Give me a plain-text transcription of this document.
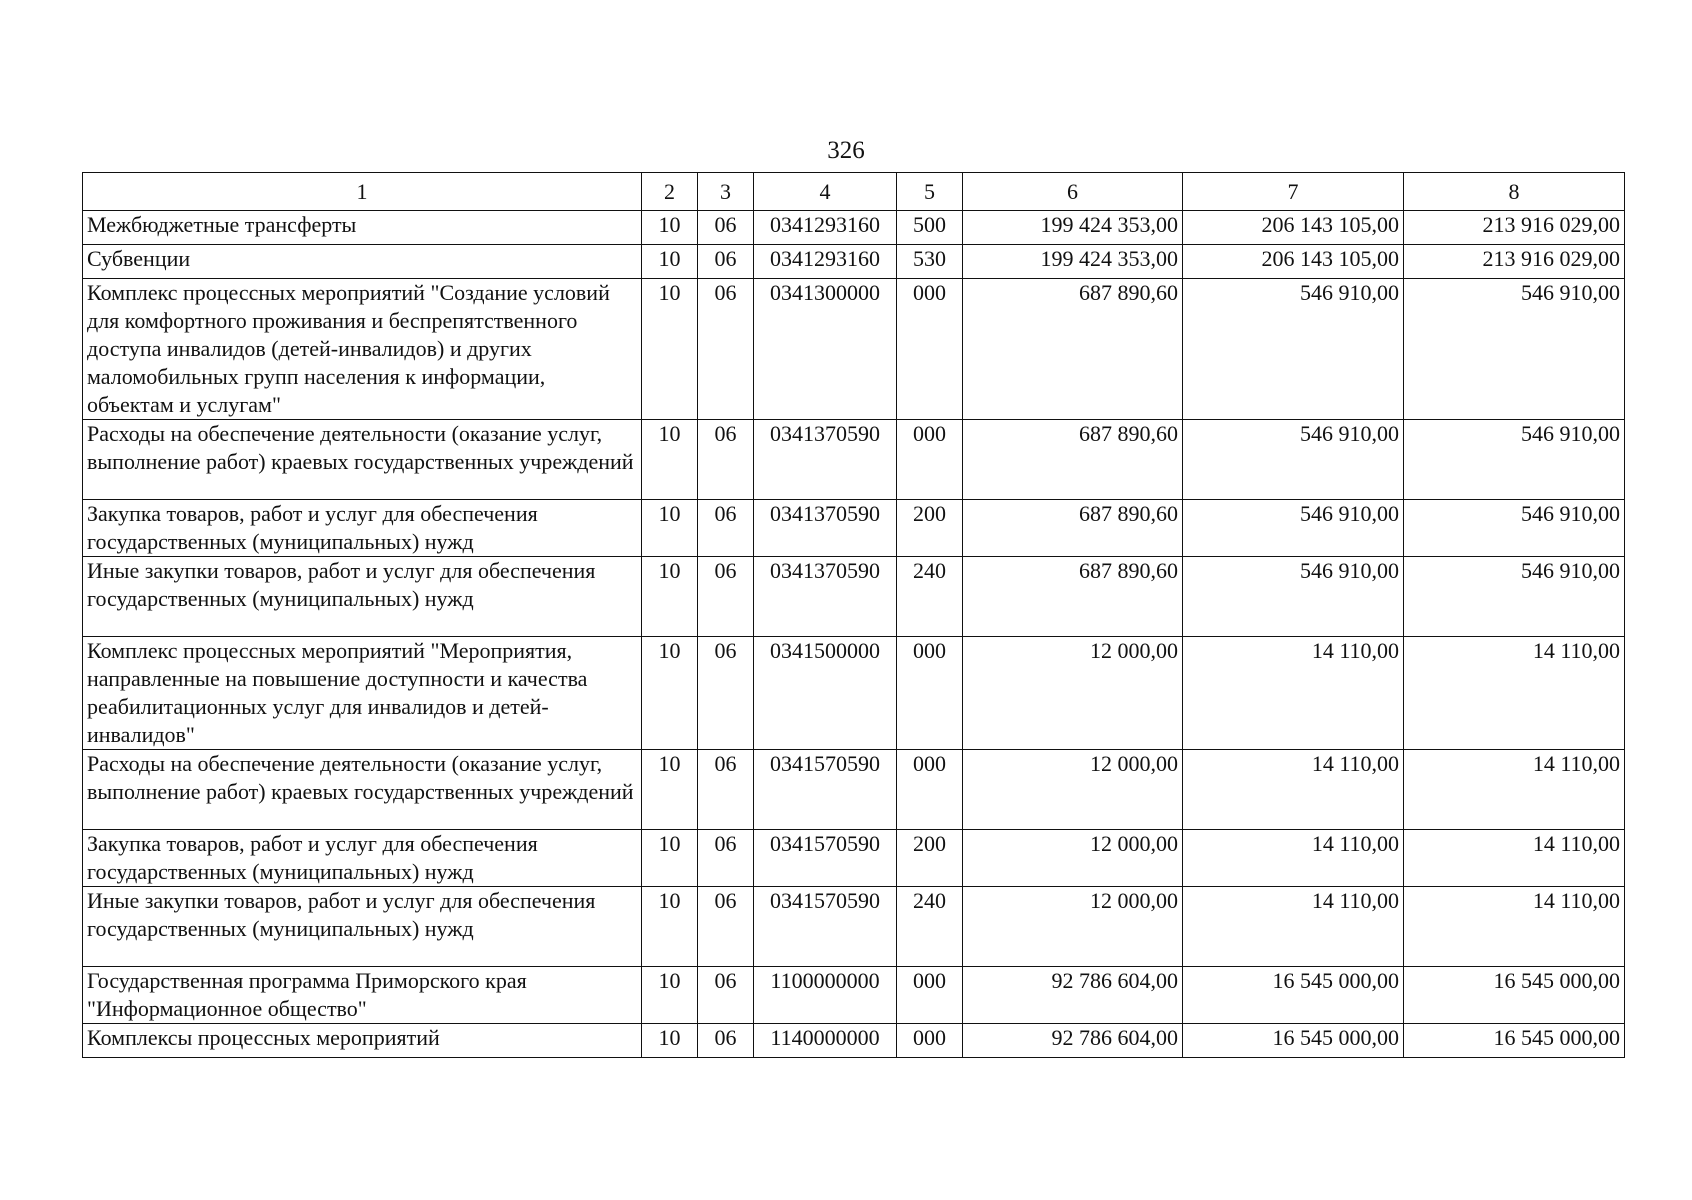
326
1	2	3	4	5	6	7	8
Межбюджетные трансферты	10	06	0341293160	500	199 424 353,00	206 143 105,00	213 916 029,00
Субвенции	10	06	0341293160	530	199 424 353,00	206 143 105,00	213 916 029,00
Комплекс процессных мероприятий "Создание условий для комфортного проживания и беспрепятственного доступа инвалидов (детей-инвалидов) и других маломобильных групп населения к информации, объектам и услугам"	10	06	0341300000	000	687 890,60	546 910,00	546 910,00
Расходы на обеспечение деятельности (оказание услуг, выполнение работ) краевых государственных учреждений	10	06	0341370590	000	687 890,60	546 910,00	546 910,00
Закупка товаров, работ и услуг для обеспечения государственных (муниципальных) нужд	10	06	0341370590	200	687 890,60	546 910,00	546 910,00
Иные закупки товаров, работ и услуг для обеспечения государственных (муниципальных) нужд	10	06	0341370590	240	687 890,60	546 910,00	546 910,00
Комплекс процессных мероприятий "Мероприятия, направленные на повышение доступности и качества реабилитационных услуг для инвалидов и детей-инвалидов"	10	06	0341500000	000	12 000,00	14 110,00	14 110,00
Расходы на обеспечение деятельности (оказание услуг, выполнение работ) краевых государственных учреждений	10	06	0341570590	000	12 000,00	14 110,00	14 110,00
Закупка товаров, работ и услуг для обеспечения государственных (муниципальных) нужд	10	06	0341570590	200	12 000,00	14 110,00	14 110,00
Иные закупки товаров, работ и услуг для обеспечения государственных (муниципальных) нужд	10	06	0341570590	240	12 000,00	14 110,00	14 110,00
Государственная программа Приморского края "Информационное общество"	10	06	1100000000	000	92 786 604,00	16 545 000,00	16 545 000,00
Комплексы процессных мероприятий	10	06	1140000000	000	92 786 604,00	16 545 000,00	16 545 000,00
